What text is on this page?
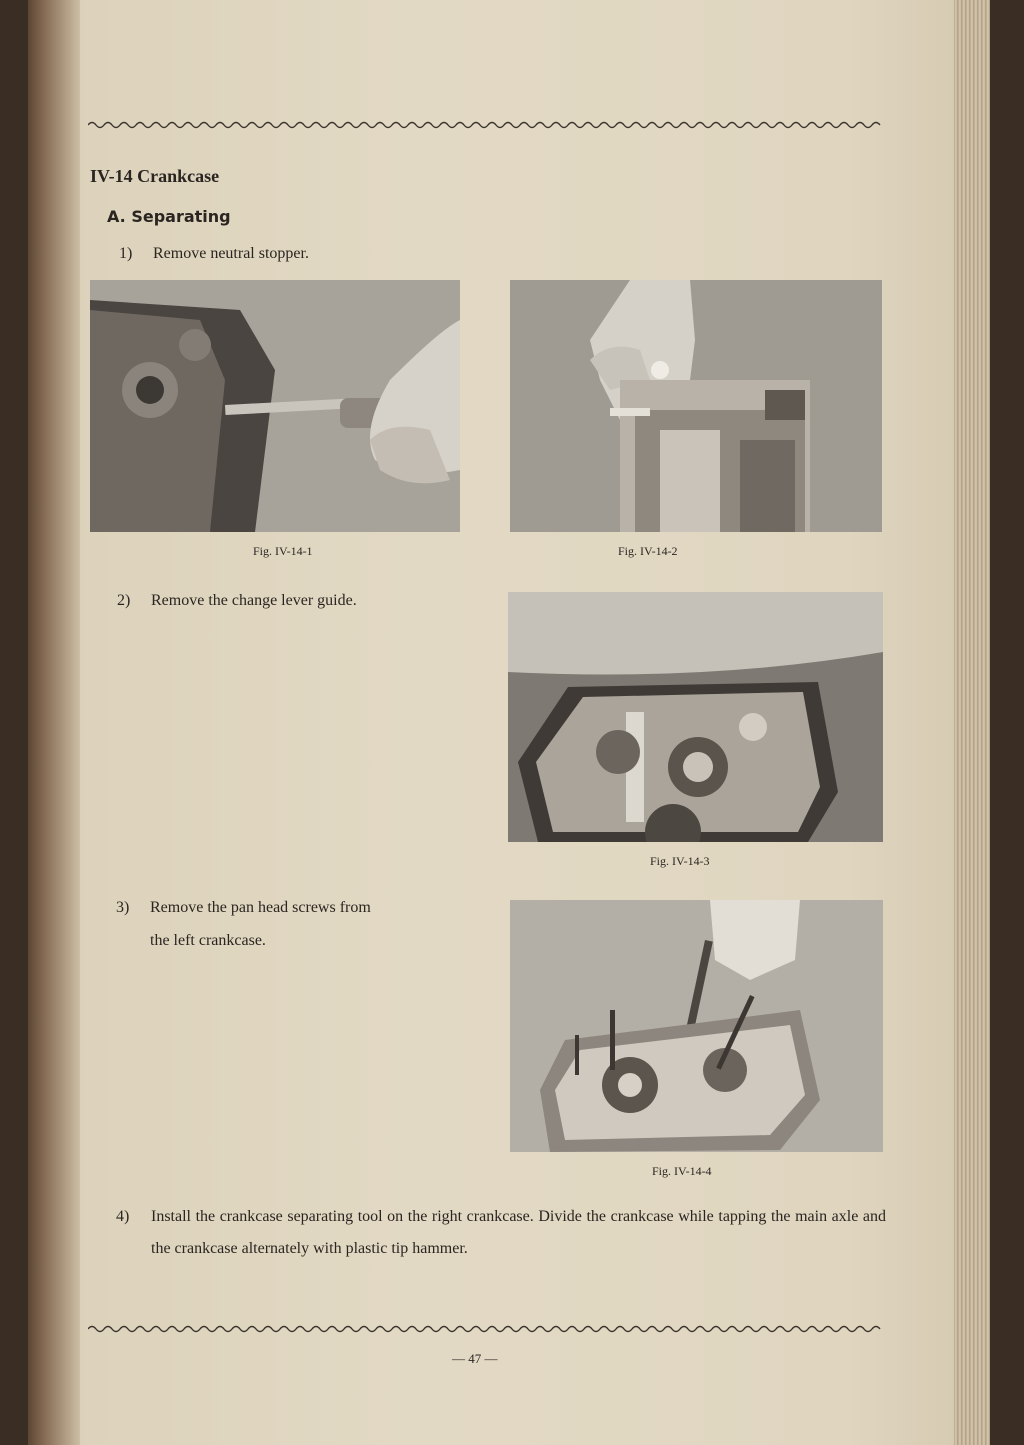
IV-14 Crankcase
A. Separating
1) Remove neutral stopper.
Fig. IV-14-1	Fig. IV-14-2
2) Remove the change lever guide.
Fig. IV-14-3
3) Remove the pan head screws from
the left crankcase.
Fig. IV-14-4
4) Install the crankcase separating tool on the right crankcase. Divide the crankcase while tapping the main axle and the crankcase alternately with plastic tip hammer.
— 47 —
